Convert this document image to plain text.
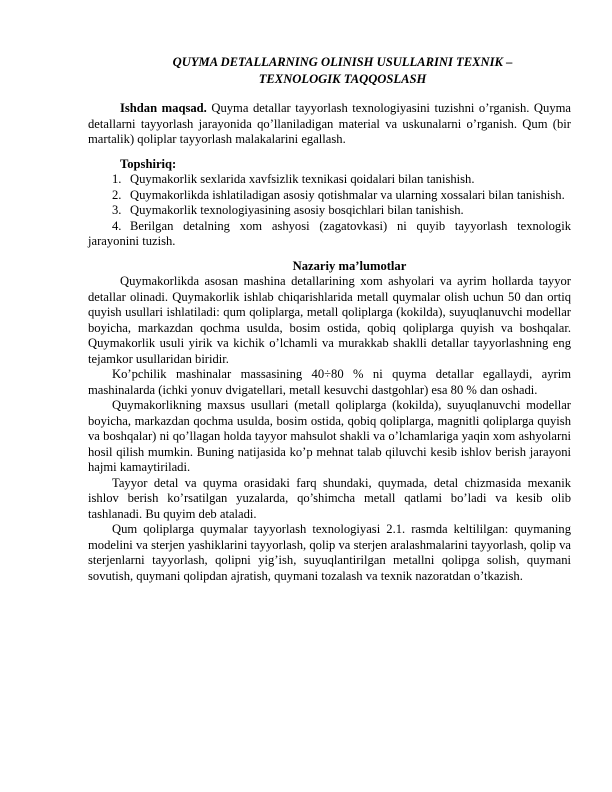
QUYMA DETALLARNING OLINISH USULLARINI TEXNIK –
TEXNOLOGIK TAQQOSLASH

Ishdan maqsad. Quyma detallar tayyorlash texnologiyasini tuzishni o’rganish. Quyma detallarni tayyorlash jarayonida qo’llaniladigan material va uskunalarni o’rganish. Qum (bir martalik) qoliplar tayyorlash malakalarini egallash.

Topshiriq:

1. Quymakorlik sexlarida xavfsizlik texnikasi qoidalari bilan tanishish.

2. Quymakorlikda ishlatiladigan asosiy qotishmalar va ularning xossalari bilan tanishish.

3. Quymakorlik texnologiyasining asosiy bosqichlari bilan tanishish.

4. Berilgan detalning xom ashyosi (zagatovkasi) ni quyib tayyorlash texnologik jarayonini tuzish.

Nazariy ma’lumotlar

Quymakorlikda asosan mashina detallarining xom ashyolari va ayrim hollarda tayyor detallar olinadi. Quymakorlik ishlab chiqarishlarida metall quymalar olish uchun 50 dan ortiq quyish usullari ishlatiladi: qum qoliplarga, metall qoliplarga (kokilda), suyuqlanuvchi modellar boyicha, markazdan qochma usulda, bosim ostida, qobiq qoliplarga quyish va boshqalar. Quymakorlik usuli yirik va kichik o’lchamli va murakkab shaklli detallar tayyorlashning eng tejamkor usullaridan biridir.

Ko’pchilik mashinalar massasining 40÷80 % ni quyma detallar egallaydi, ayrim mashinalarda (ichki yonuv dvigatellari, metall kesuvchi dastgohlar) esa 80 % dan oshadi.

Quymakorlikning maxsus usullari (metall qoliplarga (kokilda), suyuqlanuvchi modellar boyicha, markazdan qochma usulda, bosim ostida, qobiq qoliplarga, magnitli qoliplarga quyish va boshqalar) ni qo’llagan holda tayyor mahsulot shakli va o’lchamlariga yaqin xom ashyolarni hosil qilish mumkin. Buning natijasida ko’p mehnat talab qiluvchi kesib ishlov berish jarayoni hajmi kamaytiriladi.

Tayyor detal va quyma orasidaki farq shundaki, quymada, detal chizmasida mexanik ishlov berish ko’rsatilgan yuzalarda, qo’shimcha metall qatlami bo’ladi va kesib olib tashlanadi. Bu quyim deb ataladi.

Qum qoliplarga quymalar tayyorlash texnologiyasi 2.1. rasmda keltililgan: quymaning modelini va sterjen yashiklarini tayyorlash, qolip va sterjen aralashmalarini tayyorlash, qolip va sterjenlarni tayyorlash, qolipni yig’ish, suyuqlantirilgan metallni qolipga solish, quymani sovutish, quymani qolipdan ajratish, quymani tozalash va texnik nazoratdan o’tkazish.
